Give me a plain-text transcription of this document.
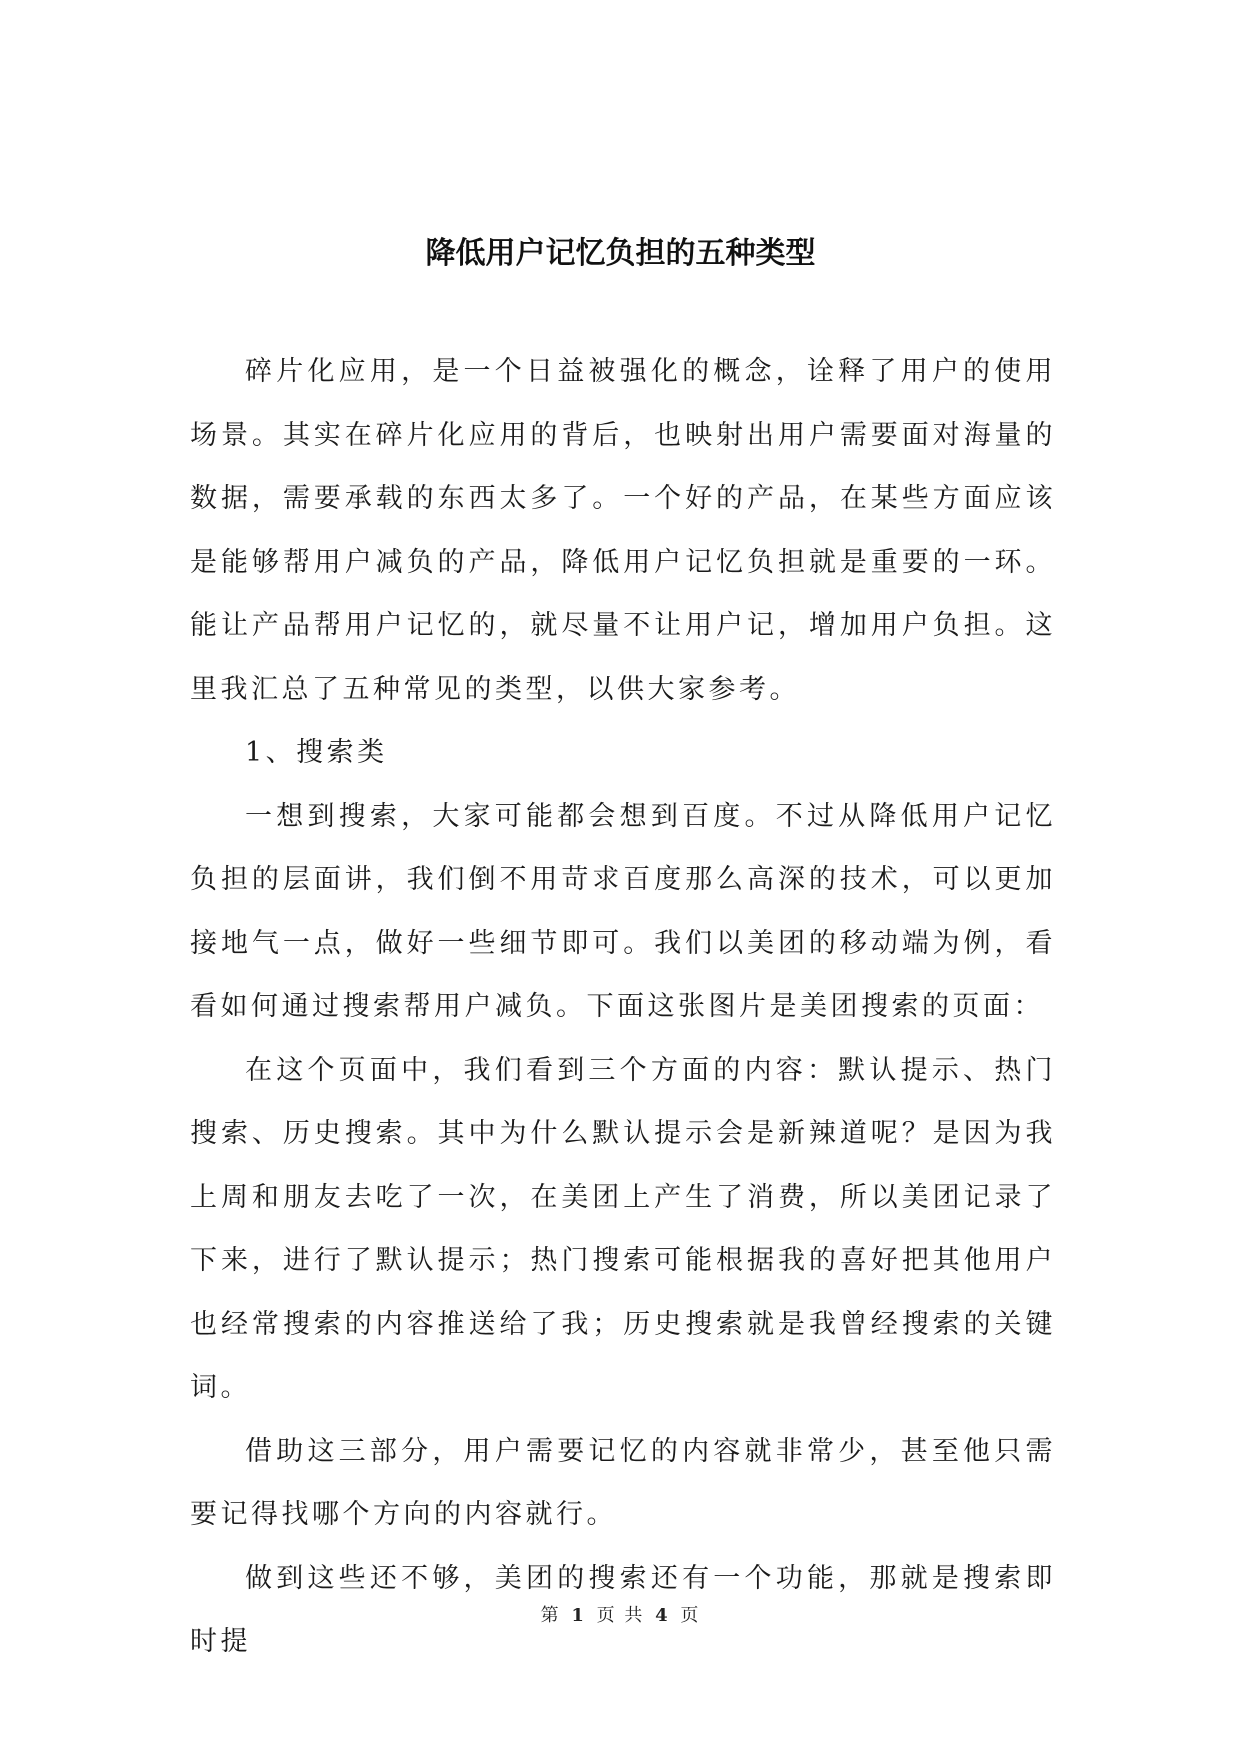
降低用户记忆负担的五种类型

碎片化应用，是一个日益被强化的概念，诠释了用户的使用场景。其实在碎片化应用的背后，也映射出用户需要面对海量的数据，需要承载的东西太多了。一个好的产品，在某些方面应该是能够帮用户减负的产品，降低用户记忆负担就是重要的一环。能让产品帮用户记忆的，就尽量不让用户记，增加用户负担。这里我汇总了五种常见的类型，以供大家参考。

1、搜索类

一想到搜索，大家可能都会想到百度。不过从降低用户记忆负担的层面讲，我们倒不用苛求百度那么高深的技术，可以更加接地气一点，做好一些细节即可。我们以美团的移动端为例，看看如何通过搜索帮用户减负。下面这张图片是美团搜索的页面：

在这个页面中，我们看到三个方面的内容：默认提示、热门搜索、历史搜索。其中为什么默认提示会是新辣道呢？是因为我上周和朋友去吃了一次，在美团上产生了消费，所以美团记录了下来，进行了默认提示；热门搜索可能根据我的喜好把其他用户也经常搜索的内容推送给了我；历史搜索就是我曾经搜索的关键词。

借助这三部分，用户需要记忆的内容就非常少，甚至他只需要记得找哪个方向的内容就行。

做到这些还不够，美团的搜索还有一个功能，那就是搜索即时提

第 1 页 共 4 页
